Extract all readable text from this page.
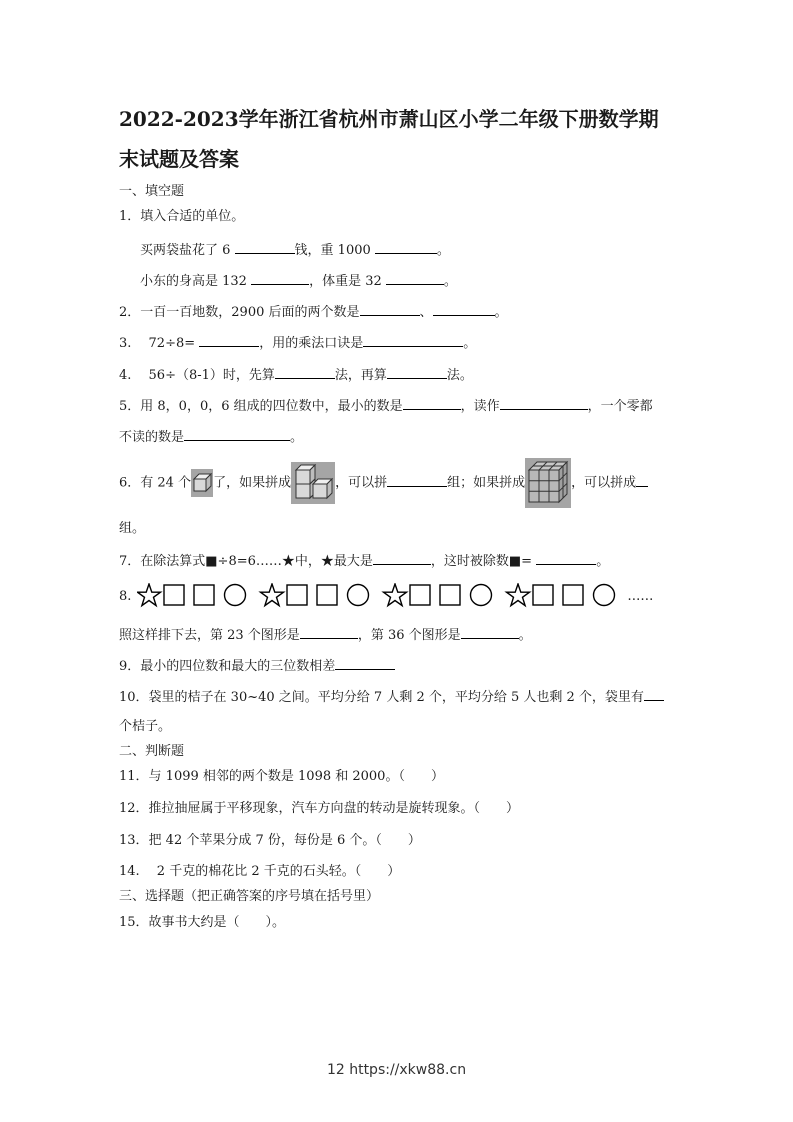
2022-2023学年浙江省杭州市萧山区小学二年级下册数学期
末试题及答案
一、填空题
1．填入合适的单位。
买两袋盐花了 6	钱，重 1000	。
小东的身高是 132	，体重是 32	。
2．一百一百地数，2900 后面的两个数是	、	。
3.　 72÷8=	，用的乘法口诀是	。
4.　 56÷（8-1）时，先算	法，再算	法。
5．用 8，0，0，6 组成的四位数中，最小的数是	，读作	，一个零都
不读的数是	。
6．有 24 个 了，如果拼成	，可以拼	组；如果拼成	，可以拼成
组。
7．在除法算式■÷8=6……★中，★最大是	，这时被除数■=	。
8.	……
照这样排下去，第 23 个图形是	，第 36 个图形是	。
9．最小的四位数和最大的三位数相差
10．袋里的桔子在 30~40 之间。平均分给 7 人剩 2 个，平均分给 5 人也剩 2 个，袋里有
个桔子。
二、判断题
11．与 1099 相邻的两个数是 1098 和 2000。（ ）
12．推拉抽屉属于平移现象，汽车方向盘的转动是旋转现象。（ ）
13．把 42 个苹果分成 7 份，每份是 6 个。（ ）
14.　 2 千克的棉花比 2 千克的石头轻。（ ）
三、选择题（把正确答案的序号填在括号里）
15．故事书大约是（ ）。
12 https://xkw88.cn
